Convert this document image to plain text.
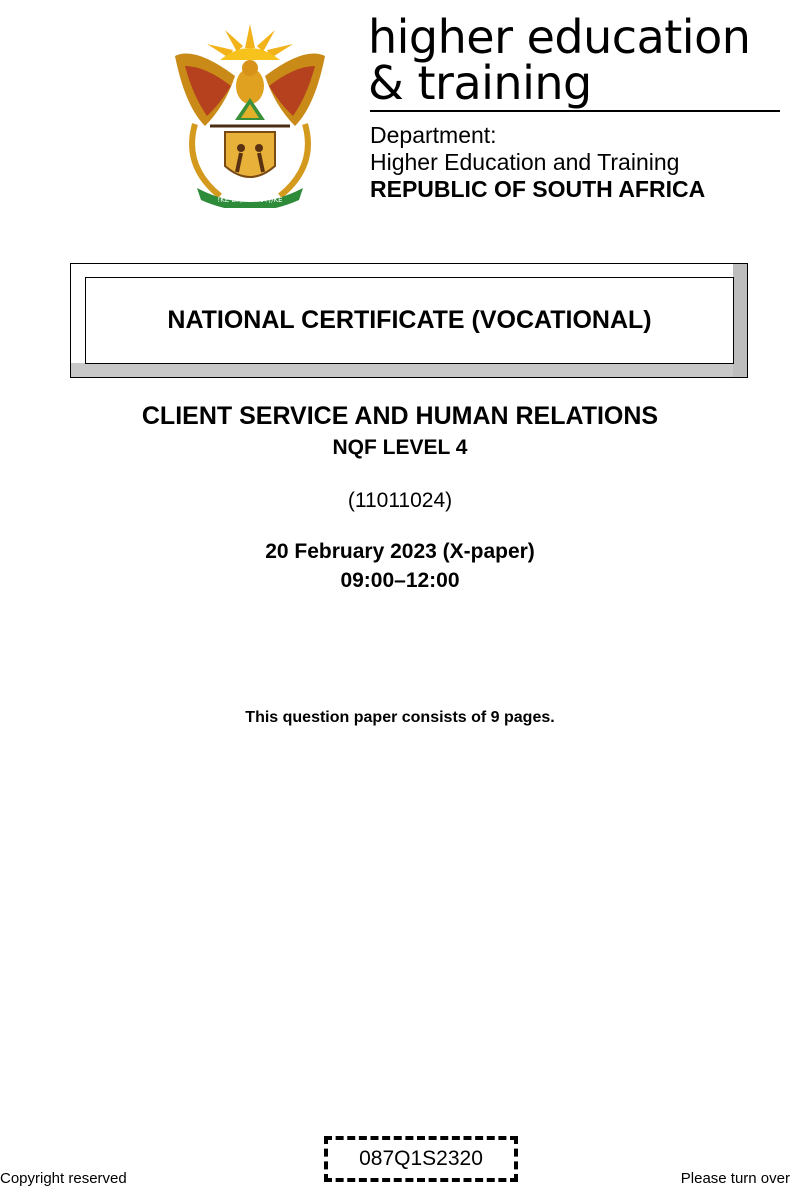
!KE E: /XARRA //KE
higher education
& training
Department:
Higher Education and Training
REPUBLIC OF SOUTH AFRICA
NATIONAL CERTIFICATE (VOCATIONAL)
CLIENT SERVICE AND HUMAN RELATIONS
NQF LEVEL 4
(11011024)
20 February 2023 (X-paper)
09:00–12:00
This question paper consists of 9 pages.
087Q1S2320
Copyright reserved	Please turn over
